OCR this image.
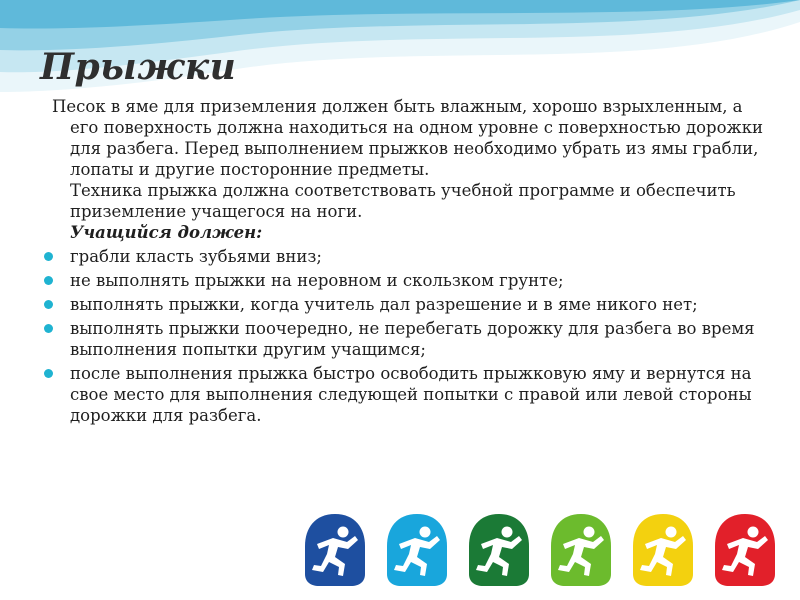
Прыжки

Песок в яме для приземления должен быть влажным, хорошо взрыхленным, а его поверхность должна находиться на одном уровне с поверхностью дорожки для разбега. Перед выполнением прыжков необходимо убрать из ямы грабли, лопаты и другие посторонние предметы.

Техника прыжка должна соответствовать учебной программе и обеспечить приземление учащегося на ноги.

Учащийся должен:

грабли класть зубьями вниз;
не выполнять прыжки на неровном и скользком грунте;
выполнять прыжки, когда учитель дал разрешение и в яме никого нет;
выполнять прыжки поочередно, не перебегать дорожку для разбега во время выполнения попытки другим учащимся;
после выполнения прыжка быстро освободить прыжковую яму и вернутся на свое место для выполнения следующей попытки с правой или левой стороны дорожки для разбега.
